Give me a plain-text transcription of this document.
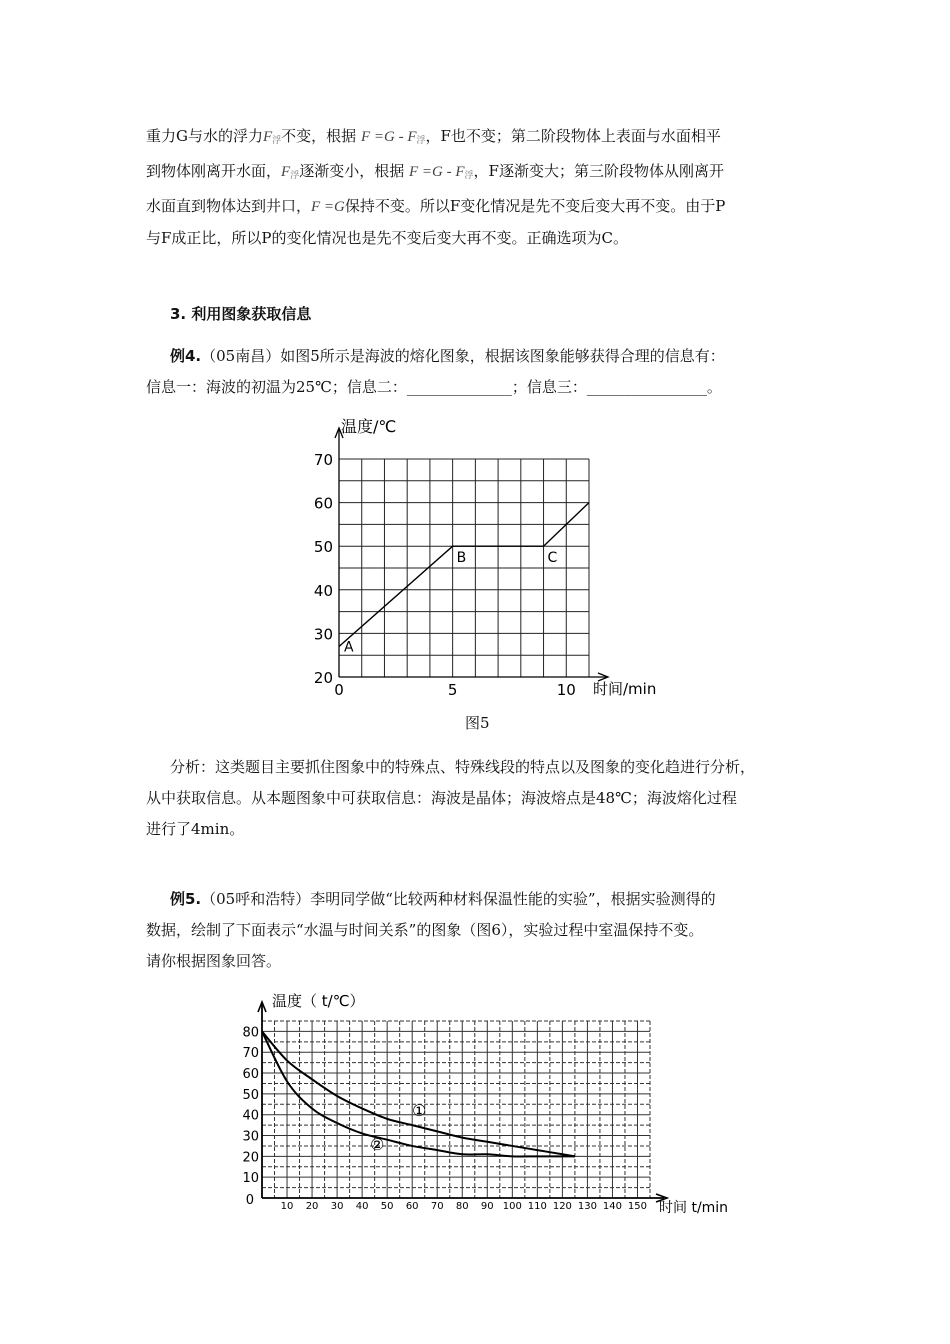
重力G与水的浮力$F_浮$不变，根据 $F =G - F_浮$，F也不变；第二阶段物体上表面与水面相平
到物体刚离开水面，$F_浮$逐渐变小，根据 $F =G - F_浮$，F逐渐变大；第三阶段物体从刚离开
水面直到物体达到井口，F =G保持不变。所以F变化情况是先不变后变大再不变。由于P
与F成正比，所以P的变化情况也是先不变后变大再不变。正确选项为C。
3. 利用图象获取信息
例4.（05南昌）如图5所示是海波的熔化图象，根据该图象能够获得合理的信息有：
信息一：海波的初温为25℃；信息二：______________；信息三：________________。
20
30
40
50
60
70
0	5	10
温度/℃
时间/min
A
B	C
10
20
30
40
50
60
70
80
0	10 20 30 40 50 60 70 80 90 100 110 120 130 140 150
温度（ t/℃）
时间 t/min
①
②
图5
分析：这类题目主要抓住图象中的特殊点、特殊线段的特点以及图象的变化趋进行分析，
从中获取信息。从本题图象中可获取信息：海波是晶体；海波熔点是48℃；海波熔化过程
进行了4min。
例5.（05呼和浩特）李明同学做“比较两种材料保温性能的实验”，根据实验测得的
数据，绘制了下面表示“水温与时间关系”的图象（图6），实验过程中室温保持不变。
请你根据图象回答。
